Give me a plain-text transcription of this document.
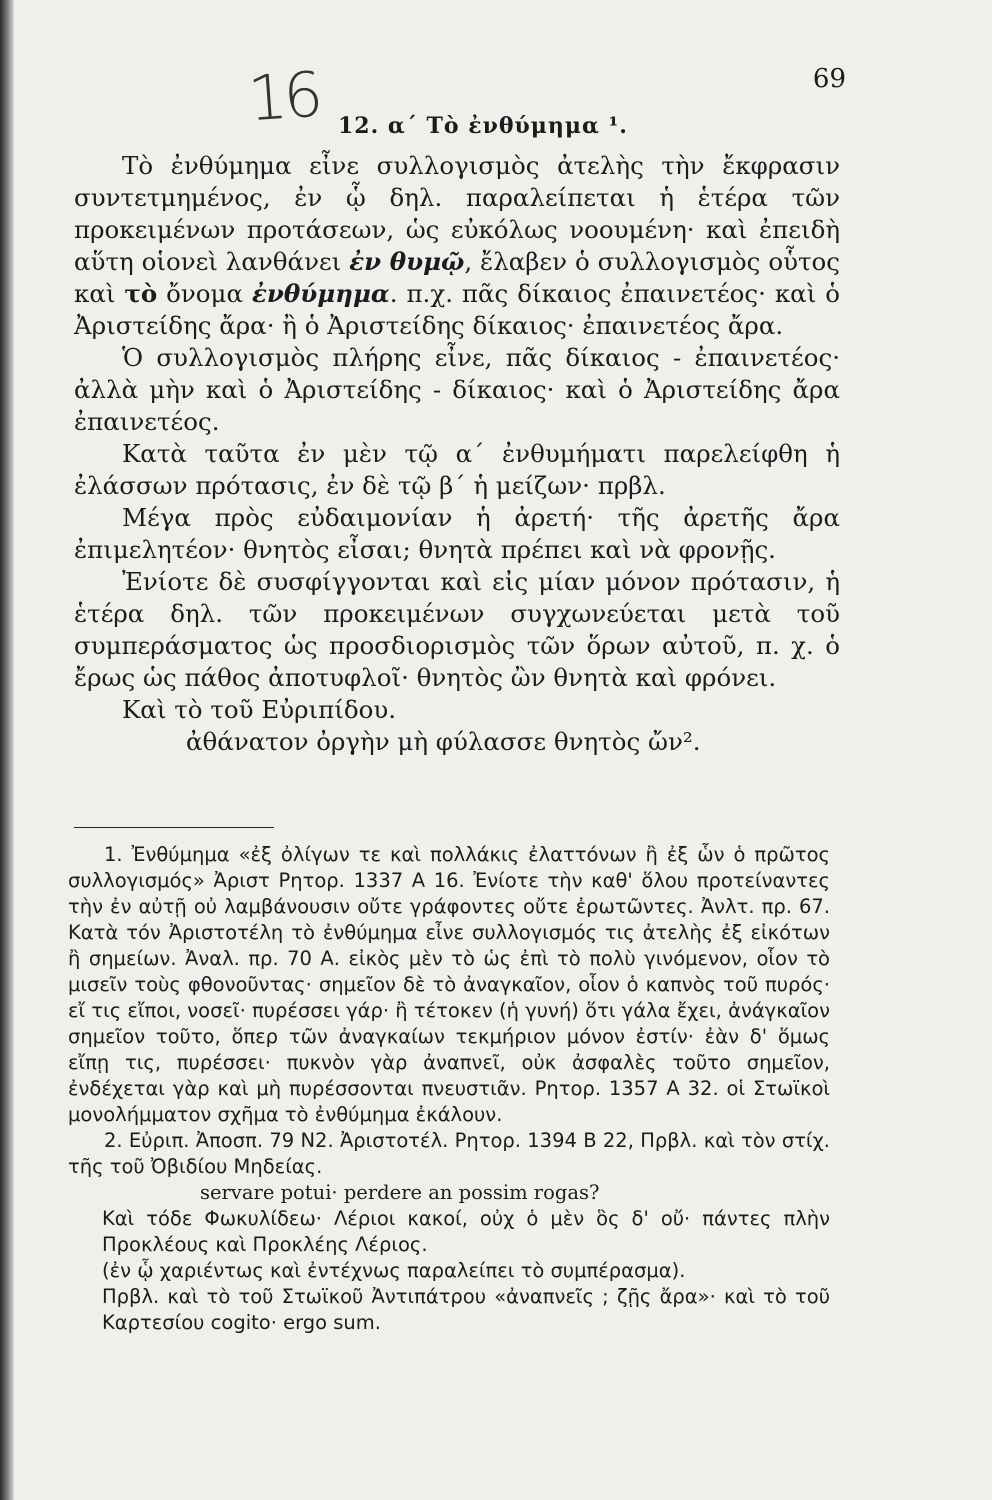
16	69
12. α΄ Τὸ ἐνθύμημα ¹.

Τὸ ἐνθύμημα εἶνε συλλογισμὸς ἀτελὴς τὴν ἔκφρασιν συντετμημένος, ἐν ᾧ δηλ. παραλείπεται ἡ ἑτέρα τῶν προκειμένων προτάσεων, ὡς εὐκόλως νοουμένη· καὶ ἐπειδὴ αὕτη οἱονεὶ λανθάνει ἐν θυμῷ, ἔλαβεν ὁ συλλογισμὸς οὗτος καὶ τὸ ὄνομα ἐνθύμημα. π.χ. πᾶς δίκαιος ἐπαινετέος· καὶ ὁ Ἀριστείδης ἄρα· ἢ ὁ Ἀριστείδης δίκαιος· ἐπαινετέος ἄρα.

Ὁ συλλογισμὸς πλήρης εἶνε, πᾶς δίκαιος - ἐπαινετέος· ἀλλὰ μὴν καὶ ὁ Ἀριστείδης - δίκαιος· καὶ ὁ Ἀριστείδης ἄρα ἐπαινετέος.

Κατὰ ταῦτα ἐν μὲν τῷ α΄ ἐνθυμήματι παρελείφθη ἡ ἐλάσσων πρότασις, ἐν δὲ τῷ β΄ ἡ μείζων· πρβλ.

Μέγα πρὸς εὐδαιμονίαν ἡ ἀρετή· τῆς ἀρετῆς ἄρα ἐπιμελητέον· θνητὸς εἶσαι; θνητὰ πρέπει καὶ νὰ φρονῇς.

Ἐνίοτε δὲ συσφίγγονται καὶ εἰς μίαν μόνον πρότασιν, ἡ ἑτέρα δηλ. τῶν προκειμένων συγχωνεύεται μετὰ τοῦ συμπεράσματος ὡς προσδιορισμὸς τῶν ὅρων αὐτοῦ, π. χ. ὁ ἔρως ὡς πάθος ἀποτυφλοῖ· θνητὸς ὢν θνητὰ καὶ φρόνει.

Καὶ τὸ τοῦ Εὐριπίδου.

ἀθάνατον ὀργὴν μὴ φύλασσε θνητὸς ὤν².

1. Ἐνθύμημα «ἐξ ὀλίγων τε καὶ πολλάκις ἐλαττόνων ἢ ἐξ ὧν ὁ πρῶτος συλλογισμός» Ἀριστ Ρητορ. 1337 Α 16. Ἐνίοτε τὴν καθ' ὅλου προτείναντες τὴν ἐν αὐτῇ οὐ λαμβάνουσιν οὔτε γράφοντες οὔτε ἐρωτῶντες. Ἀνλτ. πρ. 67. Κατὰ τόν Ἀριστοτέλη τὸ ἐνθύμημα εἶνε συλλογισμός τις ἀτελὴς ἐξ εἰκότων ἢ σημείων. Ἀναλ. πρ. 70 Α. εἰκὸς μὲν τὸ ὡς ἐπὶ τὸ πολὺ γινόμενον, οἷον τὸ μισεῖν τοὺς φθονοῦντας· σημεῖον δὲ τὸ ἀναγκαῖον, οἷον ὁ καπνὸς τοῦ πυρός· εἴ τις εἴποι, νοσεῖ· πυρέσσει γάρ· ἢ τέτοκεν (ἡ γυνή) ὅτι γάλα ἔχει, ἀνάγκαῖον σημεῖον τοῦτο, ὅπερ τῶν ἀναγκαίων τεκμήριον μόνον ἐστίν· ἐὰν δ' ὅμως εἴπῃ τις, πυρέσσει· πυκνὸν γὰρ ἀναπνεῖ, οὐκ ἀσφαλὲς τοῦτο σημεῖον, ἐνδέχεται γὰρ καὶ μὴ πυρέσσονται πνευστιᾶν. Ρητορ. 1357 Α 32. οἱ Στωϊκοὶ μονολήμματον σχῆμα τὸ ἐνθύμημα ἐκάλουν.

2. Εὐριπ. Ἀποσπ. 79 Ν2. Ἀριστοτέλ. Ρητορ. 1394 Β 22, Πρβλ. καὶ τὸν στίχ. τῆς τοῦ Ὀβιδίου Μηδείας.

servare potui· perdere an possim rogas?

Καὶ τόδε Φωκυλίδεω· Λέριοι κακοί, οὐχ ὁ μὲν ὃς δ' οὔ· πάντες πλὴν Προκλέους καὶ Προκλέης Λέριος.

(ἐν ᾧ χαριέντως καὶ ἐντέχνως παραλείπει τὸ συμπέρασμα).

Πρβλ. καὶ τὸ τοῦ Στωϊκοῦ Ἀντιπάτρου «ἀναπνεῖς ; ζῇς ἄρα»· καὶ τὸ τοῦ Καρτεσίου cogito· ergo sum.
